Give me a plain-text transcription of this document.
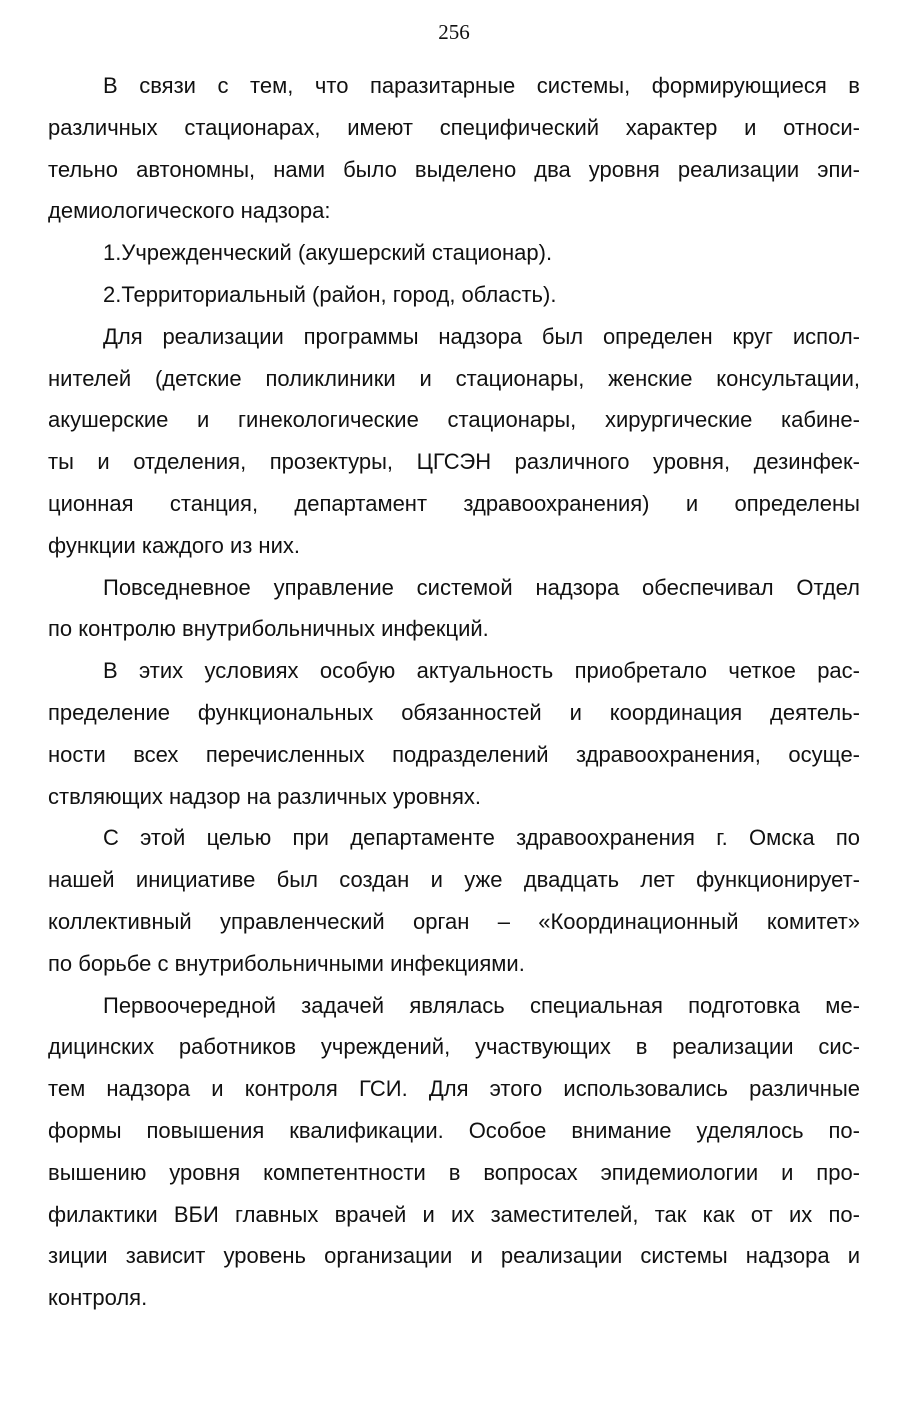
256
В связи с тем, что паразитарные системы, формирующиеся в
различных стационарах, имеют специфический характер и относи-
тельно автономны, нами было выделено два уровня реализации эпи-
демиологического надзора:
1.Учрежденческий (акушерский стационар).
2.Территориальный (район, город, область).
Для реализации программы надзора был определен круг испол-
нителей (детские поликлиники и стационары, женские консультации,
акушерские и гинекологические стационары, хирургические кабине-
ты и отделения, прозектуры, ЦГСЭН различного уровня, дезинфек-
ционная станция, департамент здравоохранения) и определены
функции каждого из них.
Повседневное управление системой надзора обеспечивал Отдел
по контролю внутрибольничных инфекций.
В этих условиях особую актуальность приобретало четкое рас-
пределение функциональных обязанностей и координация деятель-
ности всех перечисленных подразделений здравоохранения, осуще-
ствляющих надзор на различных уровнях.
С этой целью при департаменте здравоохранения г. Омска по
нашей инициативе был создан и уже двадцать лет функционирует-
коллективный управленческий орган – «Координационный комитет»
по борьбе с внутрибольничными инфекциями.
Первоочередной задачей являлась специальная подготовка ме-
дицинских работников учреждений, участвующих в реализации сис-
тем надзора и контроля ГСИ. Для этого использовались различные
формы повышения квалификации. Особое внимание уделялось по-
вышению уровня компетентности в вопросах эпидемиологии и про-
филактики ВБИ главных врачей и их заместителей, так как от их по-
зиции зависит уровень организации и реализации системы надзора и
контроля.
